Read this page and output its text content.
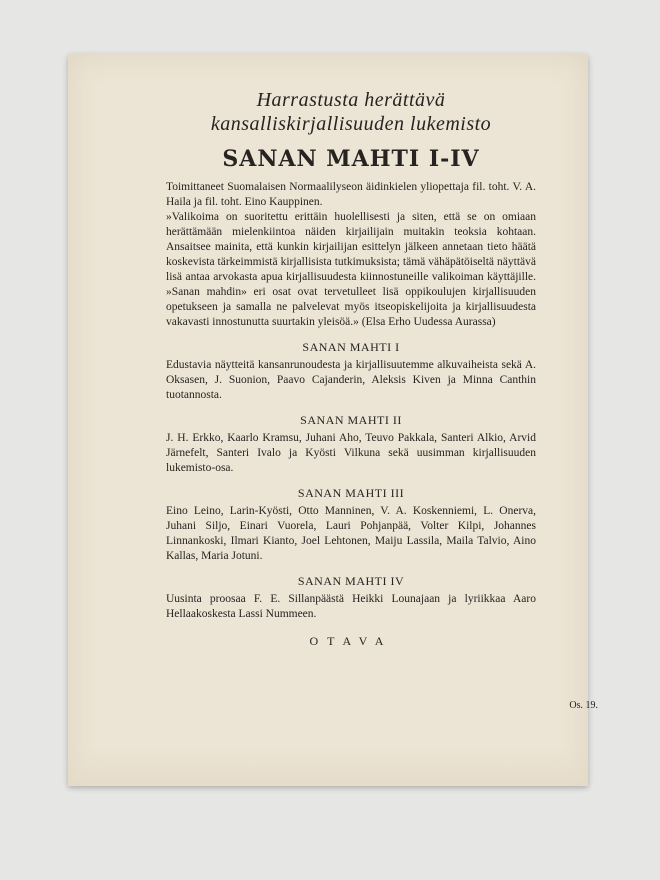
Harrastusta herättävä

kansalliskirjallisuuden lukemisto

SANAN MAHTI I-IV

Toimittaneet Suomalaisen Normaalilyseon äidinkielen yliopettaja fil. toht. V. A. Haila ja fil. toht. Eino Kauppinen.

»Valikoima on suoritettu erittäin huolellisesti ja siten, että se on omiaan herättämään mielenkiintoa näiden kirjailijain muitakin teoksia kohtaan. Ansaitsee mainita, että kunkin kirjailijan esittelyn jälkeen annetaan tieto häätä koskevista tärkeimmistä kirjallisista tutkimuksista; tämä vähäpätöiseltä näyttävä lisä antaa arvokasta apua kirjallisuudesta kiinnostuneille valikoiman käyttäjille. »Sanan mahdin» eri osat ovat tervetulleet lisä oppikoulujen kirjallisuuden opetukseen ja samalla ne palvelevat myös itseopiskelijoita ja kirjallisuudesta vakavasti innostunutta suurtakin yleisöä.» (Elsa Erho Uudessa Aurassa)

SANAN MAHTI I

Edustavia näytteitä kansanrunoudesta ja kirjallisuutemme alkuvaiheista sekä A. Oksasen, J. Suonion, Paavo Cajanderin, Aleksis Kiven ja Minna Canthin tuotannosta.

SANAN MAHTI II

J. H. Erkko, Kaarlo Kramsu, Juhani Aho, Teuvo Pakkala, Santeri Alkio, Arvid Järnefelt, Santeri Ivalo ja Kyösti Vilkuna sekä uusimman kirjallisuuden lukemisto-osa.

SANAN MAHTI III

Eino Leino, Larin-Kyösti, Otto Manninen, V. A. Koskenniemi, L. Onerva, Juhani Siljo, Einari Vuorela, Lauri Pohjanpää, Volter Kilpi, Johannes Linnankoski, Ilmari Kianto, Joel Lehtonen, Maiju Lassila, Maila Talvio, Aino Kallas, Maria Jotuni.

SANAN MAHTI IV

Uusinta proosaa F. E. Sillanpäästä Heikki Lounajaan ja lyriikkaa Aaro Hellaakoskesta Lassi Nummeen.

OTAVA
Os. 19.
